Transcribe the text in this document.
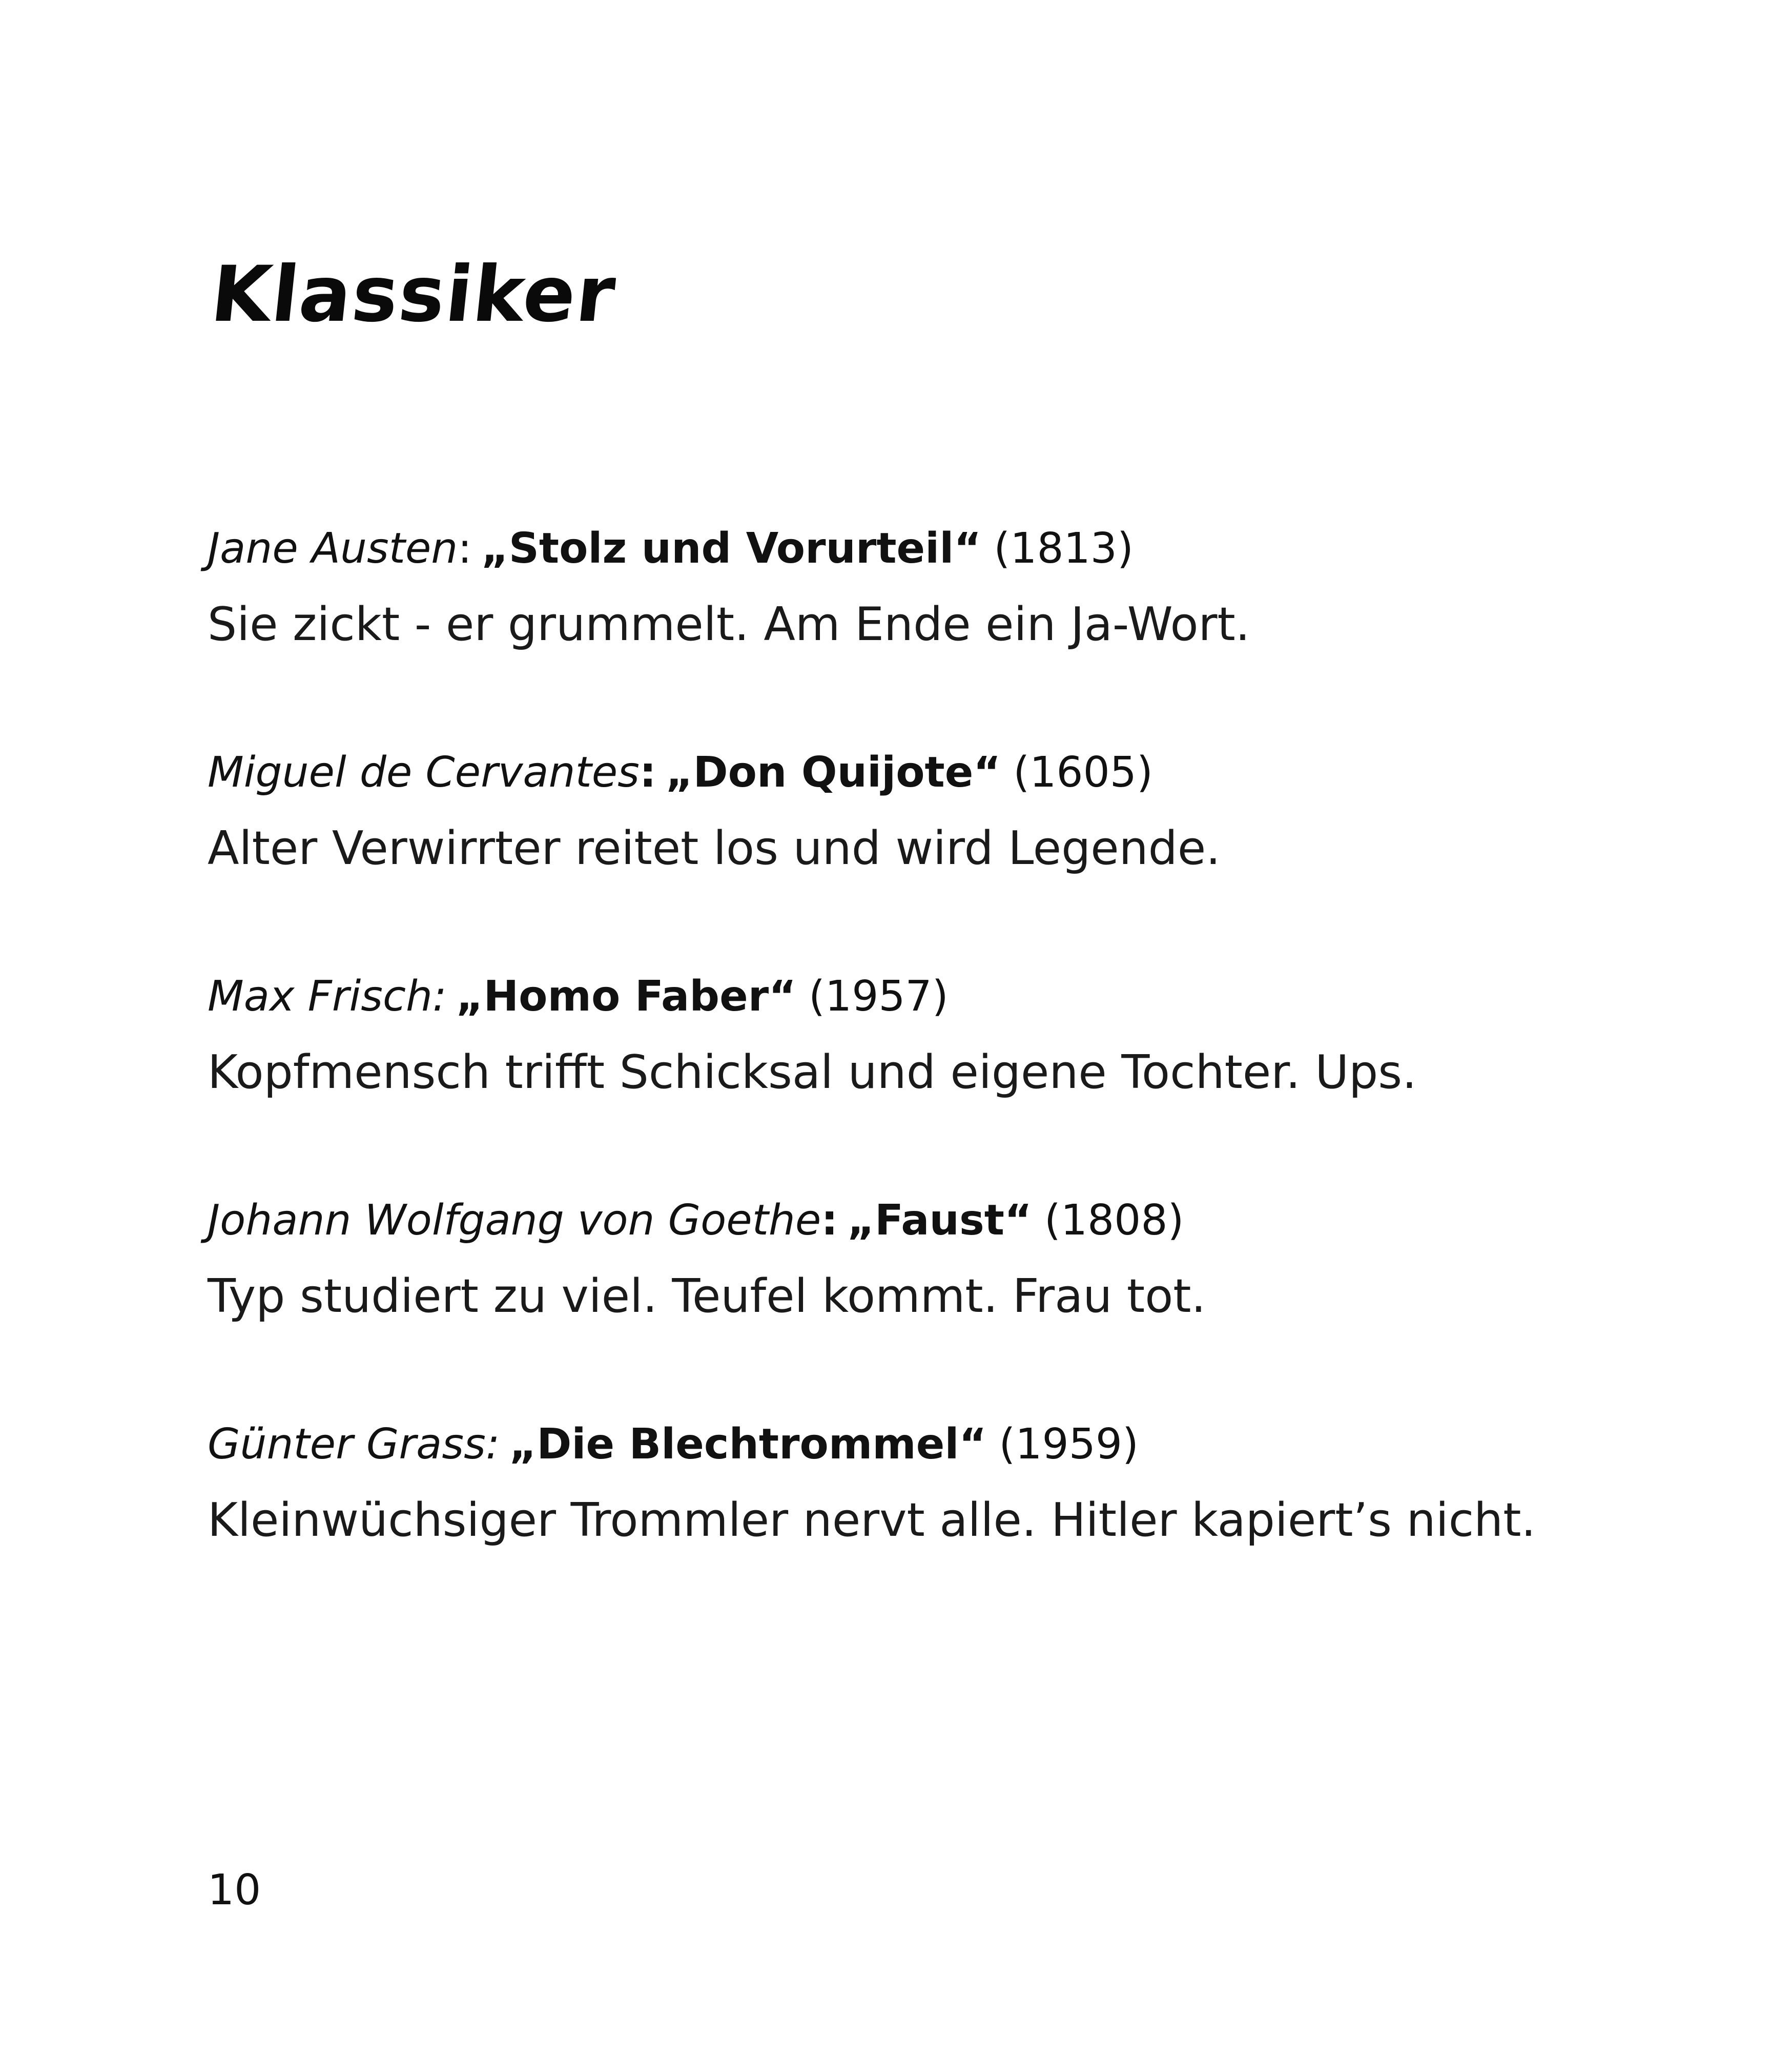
Klassiker
Jane Austen: „Stolz und Vorurteil“ (1813)
Sie zickt - er grummelt. Am Ende ein Ja-Wort.
Miguel de Cervantes: „Don Quijote“ (1605)
Alter Verwirrter reitet los und wird Legende.
Max Frisch: „Homo Faber“ (1957)
Kopfmensch trifft Schicksal und eigene Tochter. Ups.
Johann Wolfgang von Goethe: „Faust“ (1808)
Typ studiert zu viel. Teufel kommt. Frau tot.
Günter Grass: „Die Blechtrommel“ (1959)
Kleinwüchsiger Trommler nervt alle. Hitler kapiert’s nicht.
10
